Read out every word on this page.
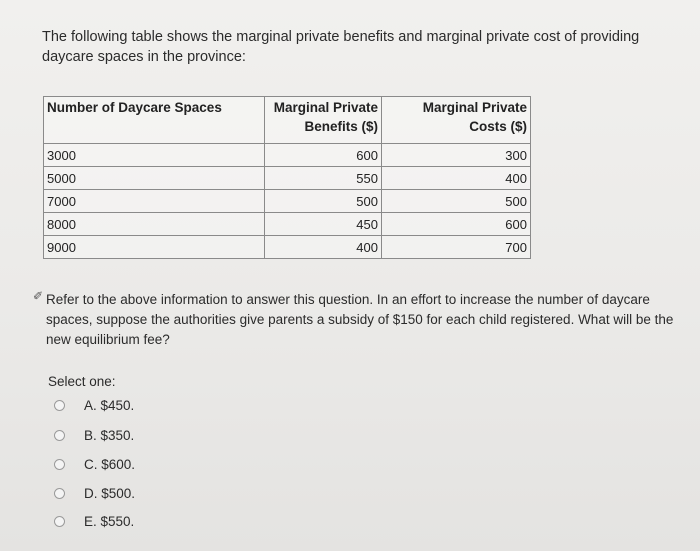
The following table shows the marginal private benefits and marginal private cost of providing daycare spaces in the province:
Number of Daycare Spaces	Marginal Private Benefits ($)	Marginal Private Costs ($)
3000	600	300
5000	550	400
7000	500	500
8000	450	600
9000	400	700
✐ Refer to the above information to answer this question. In an effort to increase the number of daycare spaces, suppose the authorities give parents a subsidy of $150 for each child registered. What will be the new equilibrium fee?
Select one:
A. $450.
B. $350.
C. $600.
D. $500.
E. $550.
